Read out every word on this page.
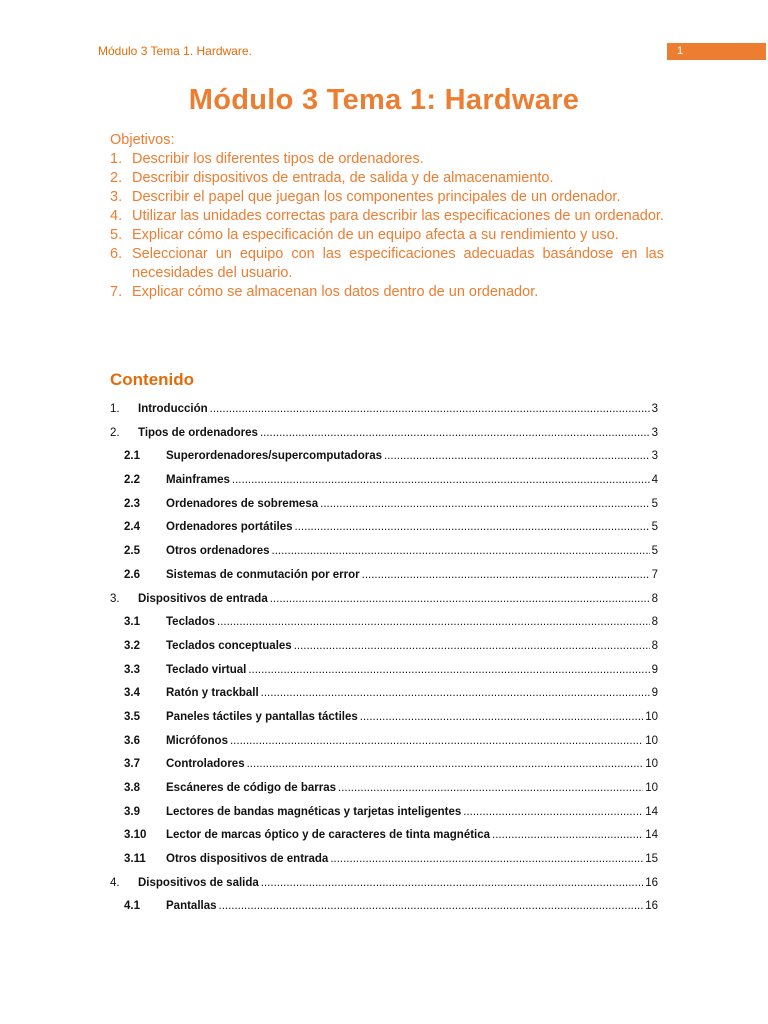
Módulo 3 Tema 1. Hardware.	1
Módulo 3 Tema 1: Hardware

Objetivos:

1. Describir los diferentes tipos de ordenadores.
2. Describir dispositivos de entrada, de salida y de almacenamiento.
3. Describir el papel que juegan los componentes principales de un ordenador.
4. Utilizar las unidades correctas para describir las especificaciones de un ordenador.
5. Explicar cómo la especificación de un equipo afecta a su rendimiento y uso.
6. Seleccionar un equipo con las especificaciones adecuadas basándose en las necesidades del usuario.
7. Explicar cómo se almacenan los datos dentro de un ordenador.
Contenido
1. Introducción .....	3
2. Tipos de ordenadores .....	3
2.1 Superordenadores/supercomputadoras .....	3
2.2 Mainframes .....	4
2.3 Ordenadores de sobremesa .....	5
2.4 Ordenadores portátiles .....	5
2.5 Otros ordenadores .....	5
2.6 Sistemas de conmutación por error .....	7
3. Dispositivos de entrada .....	8
3.1 Teclados .....	8
3.2 Teclados conceptuales .....	8
3.3 Teclado virtual .....	9
3.4 Ratón y trackball .....	9
3.5 Paneles táctiles y pantallas táctiles .....	10
3.6 Micrófonos .....	10
3.7 Controladores .....	10
3.8 Escáneres de código de barras .....	10
3.9 Lectores de bandas magnéticas y tarjetas inteligentes .....	14
3.10 Lector de marcas óptico y de caracteres de tinta magnética .....	14
3.11 Otros dispositivos de entrada .....	15
4. Dispositivos de salida .....	16
4.1 Pantallas .....	16
